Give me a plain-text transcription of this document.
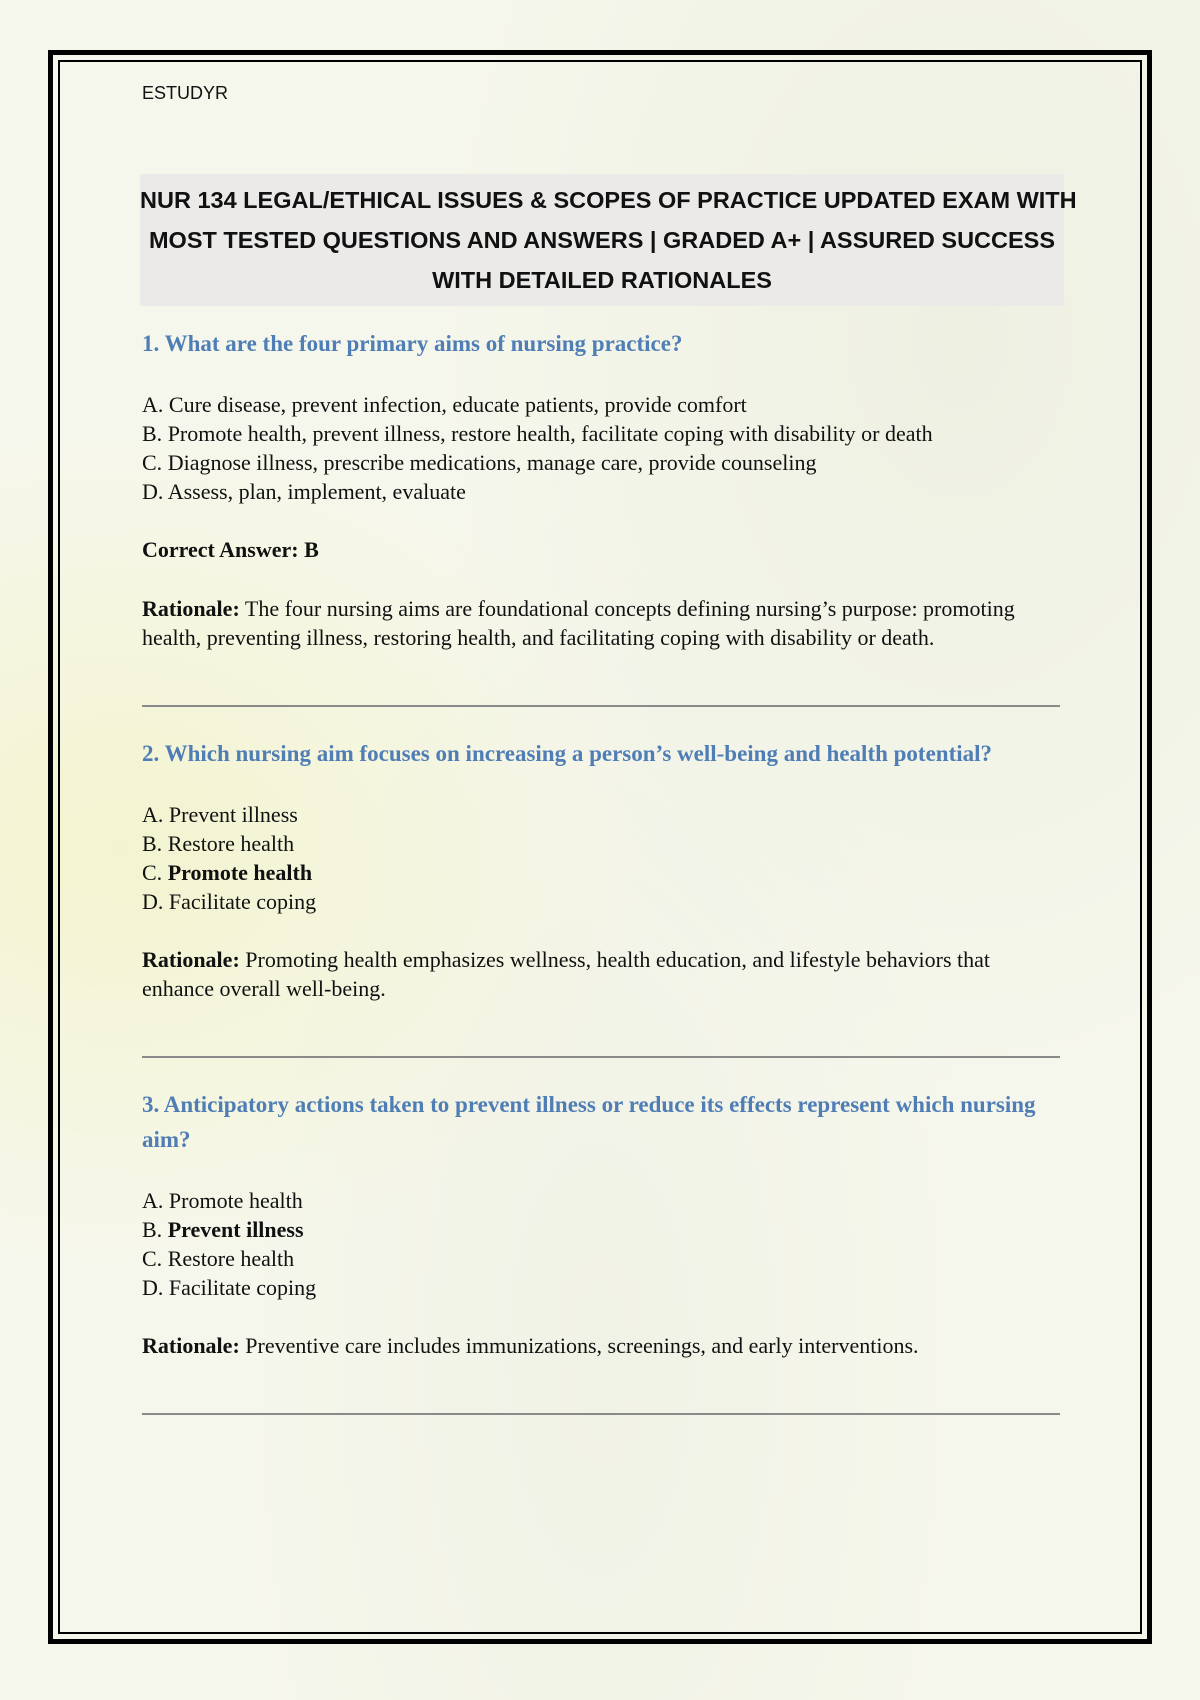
ESTUDYR

NUR 134 LEGAL/ETHICAL ISSUES & SCOPES OF PRACTICE UPDATED EXAM WITH
MOST TESTED QUESTIONS AND ANSWERS | GRADED A+ | ASSURED SUCCESS
WITH DETAILED RATIONALES

1. What are the four primary aims of nursing practice?

A. Cure disease, prevent infection, educate patients, provide comfort
B. Promote health, prevent illness, restore health, facilitate coping with disability or death
C. Diagnose illness, prescribe medications, manage care, provide counseling
D. Assess, plan, implement, evaluate

Correct Answer: B

Rationale: The four nursing aims are foundational concepts defining nursing’s purpose: promoting health, preventing illness, restoring health, and facilitating coping with disability or death.

2. Which nursing aim focuses on increasing a person’s well-being and health potential?

A. Prevent illness
B. Restore health
C. Promote health
D. Facilitate coping

Rationale: Promoting health emphasizes wellness, health education, and lifestyle behaviors that enhance overall well-being.

3. Anticipatory actions taken to prevent illness or reduce its effects represent which nursing aim?

A. Promote health
B. Prevent illness
C. Restore health
D. Facilitate coping

Rationale: Preventive care includes immunizations, screenings, and early interventions.
